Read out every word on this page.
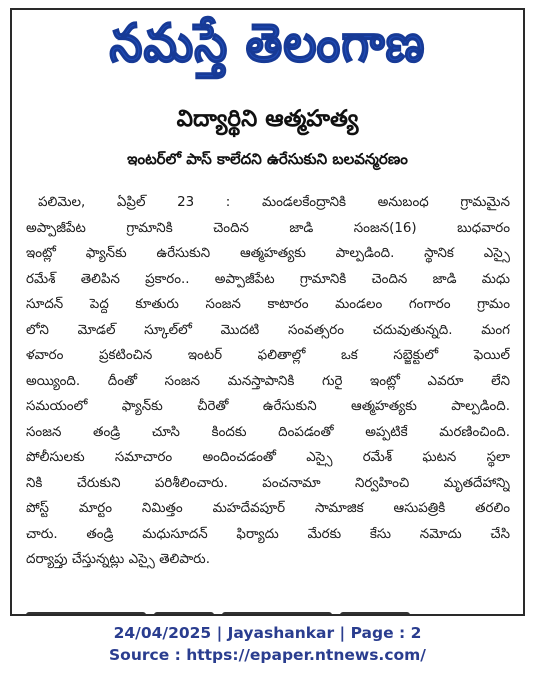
నమస్తే తెలంగాణ
విద్యార్థిని ఆత్మహత్య
ఇంటర్‌లో పాస్ కాలేదని ఉరేసుకుని బలవన్మరణం
పలిమెల, ఏప్రిల్ 23 : మండలకేంద్రానికి అనుబంధ గ్రామమైన
అప్పాజీపేట గ్రామానికి చెందిన జాడి సంజన(16) బుధవారం
ఇంట్లో ఫ్యాన్‌కు ఉరేసుకుని ఆత్మహత్యకు పాల్పడింది. స్థానిక ఎస్సై
రమేశ్ తెలిపిన ప్రకారం.. అప్పాజీపేట గ్రామానికి చెందిన జాడి మధు
సూదన్ పెద్ద కూతురు సంజన కాటారం మండలం గంగారం గ్రామం
లోని మోడల్ స్కూల్‌లో మొదటి సంవత్సరం చదువుతున్నది. మంగ
ళవారం ప్రకటించిన ఇంటర్ ఫలితాల్లో ఒక సబ్జెక్టులో ఫెయిల్
అయ్యింది. దీంతో సంజన మనస్తాపానికి గురై ఇంట్లో ఎవరూ లేని
సమయంలో ఫ్యాన్‌కు చీరెతో ఉరేసుకుని ఆత్మహత్యకు పాల్పడింది.
సంజన తండ్రి చూసి కిందకు దింపడంతో అప్పటికే మరణించింది.
పోలీసులకు సమాచారం అందించడంతో ఎస్సై రమేశ్ ఘటన స్థలా
నికి చేరుకుని పరిశీలించారు. పంచనామా నిర్వహించి మృతదేహాన్ని
పోస్ట్ మార్టం నిమిత్తం మహదేవపూర్ సామాజిక ఆసుపత్రికి తరలిం
చారు. తండ్రి మధుసూదన్ ఫిర్యాదు మేరకు కేసు నమోదు చేసి
దర్యాప్తు చేస్తున్నట్లు ఎస్సై తెలిపారు.
24/04/2025 | Jayashankar | Page : 2
Source : https://epaper.ntnews.com/
